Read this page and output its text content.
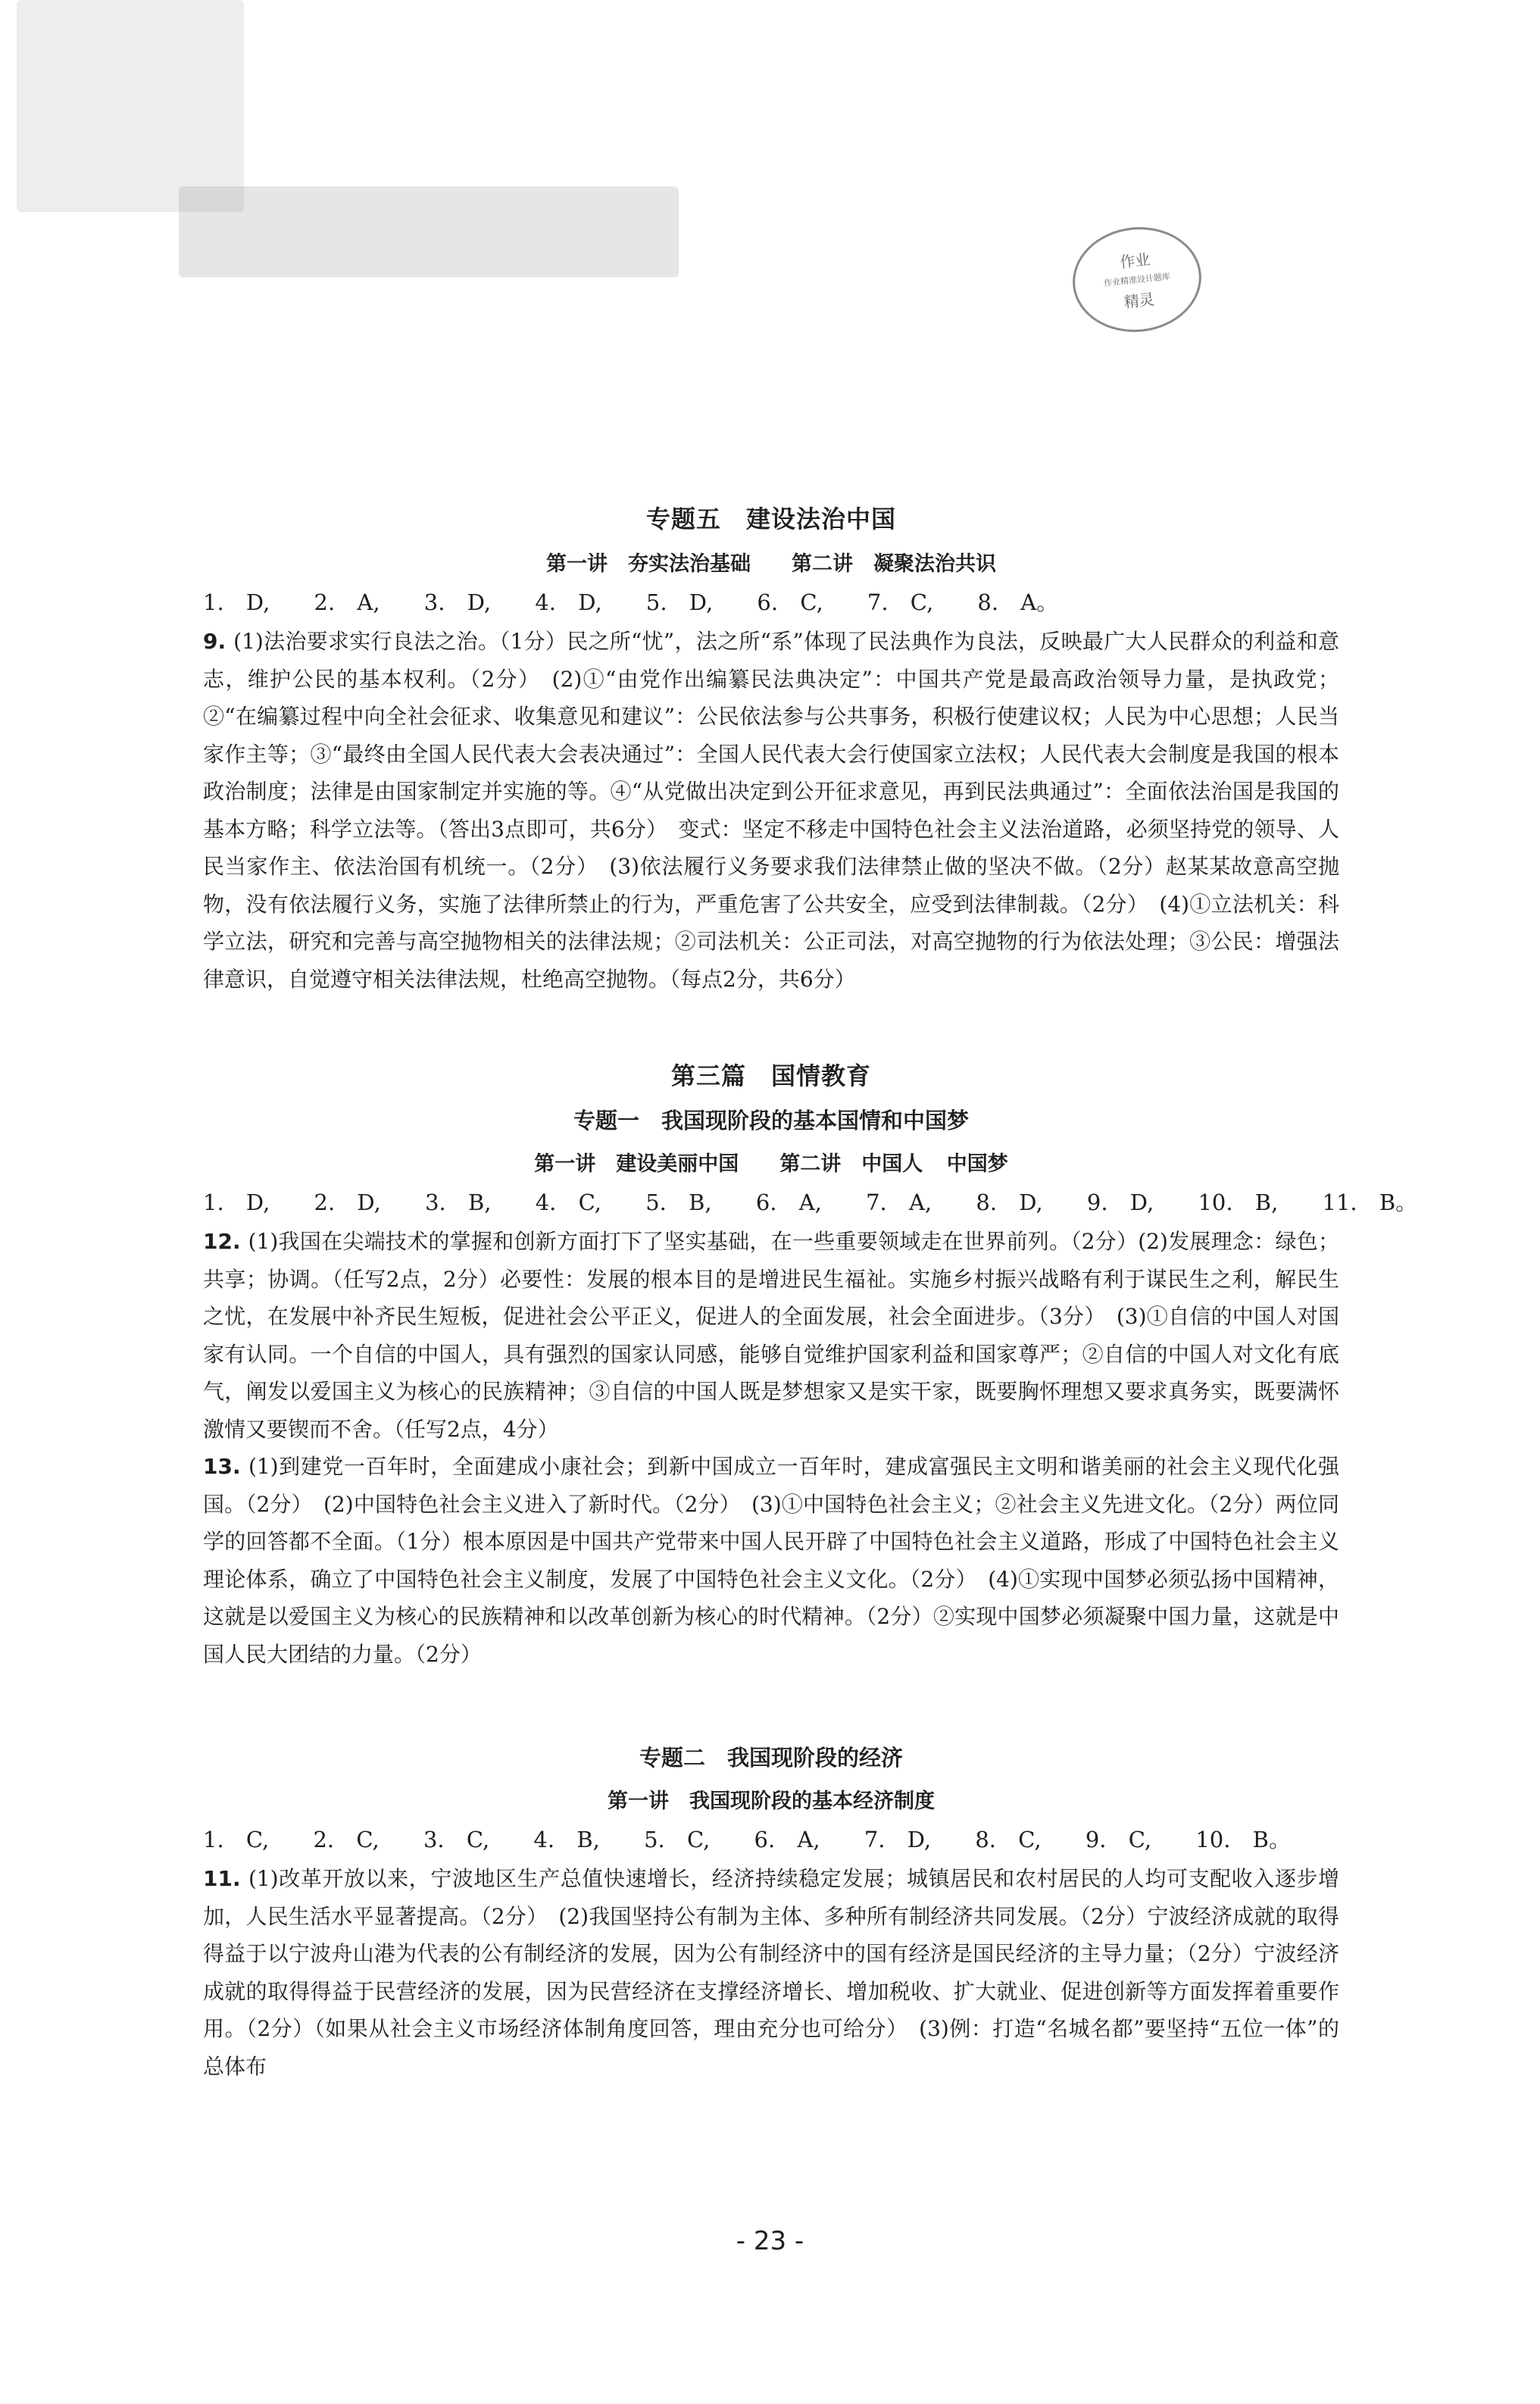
作业
作业精准设计题库
精灵
专题五　建设法治中国
第一讲　夯实法治基础　　第二讲　凝聚法治共识
1. D,　 2. A,　 3. D,　 4. D,　 5. D,　 6. C,　 7. C,　 8. A。

9. (1)法治要求实行良法之治。（1分）民之所“忧”，法之所“系”体现了民法典作为良法，反映最广大人民群众的利益和意志，维护公民的基本权利。（2分）　(2)①“由党作出编纂民法典决定”：中国共产党是最高政治领导力量，是执政党；②“在编纂过程中向全社会征求、收集意见和建议”：公民依法参与公共事务，积极行使建议权；人民为中心思想；人民当家作主等；③“最终由全国人民代表大会表决通过”：全国人民代表大会行使国家立法权；人民代表大会制度是我国的根本政治制度；法律是由国家制定并实施的等。④“从党做出决定到公开征求意见，再到民法典通过”：全面依法治国是我国的基本方略；科学立法等。（答出3点即可，共6分）　变式：坚定不移走中国特色社会主义法治道路，必须坚持党的领导、人民当家作主、依法治国有机统一。（2分）　(3)依法履行义务要求我们法律禁止做的坚决不做。（2分）赵某某故意高空抛物，没有依法履行义务，实施了法律所禁止的行为，严重危害了公共安全，应受到法律制裁。（2分）　(4)①立法机关：科学立法，研究和完善与高空抛物相关的法律法规；②司法机关：公正司法，对高空抛物的行为依法处理；③公民：增强法律意识，自觉遵守相关法律法规，杜绝高空抛物。（每点2分，共6分）

第三篇　国情教育
专题一　我国现阶段的基本国情和中国梦
第一讲　建设美丽中国　　第二讲　中国人 中国梦
1. D,　 2. D,　 3. B,　 4. C,　 5. B,　 6. A,　 7. A,　 8. D,　 9. D,　 10. B,　 11. B。

12. (1)我国在尖端技术的掌握和创新方面打下了坚实基础，在一些重要领域走在世界前列。（2分）(2)发展理念：绿色；共享；协调。（任写2点，2分）必要性：发展的根本目的是增进民生福祉。实施乡村振兴战略有利于谋民生之利，解民生之忧，在发展中补齐民生短板，促进社会公平正义，促进人的全面发展，社会全面进步。（3分）　(3)①自信的中国人对国家有认同。一个自信的中国人，具有强烈的国家认同感，能够自觉维护国家利益和国家尊严；②自信的中国人对文化有底气，阐发以爱国主义为核心的民族精神；③自信的中国人既是梦想家又是实干家，既要胸怀理想又要求真务实，既要满怀激情又要锲而不舍。（任写2点，4分）

13. (1)到建党一百年时，全面建成小康社会；到新中国成立一百年时，建成富强民主文明和谐美丽的社会主义现代化强国。（2分）　(2)中国特色社会主义进入了新时代。（2分）　(3)①中国特色社会主义；②社会主义先进文化。（2分）两位同学的回答都不全面。（1分）根本原因是中国共产党带来中国人民开辟了中国特色社会主义道路，形成了中国特色社会主义理论体系，确立了中国特色社会主义制度，发展了中国特色社会主义文化。（2分）　(4)①实现中国梦必须弘扬中国精神，这就是以爱国主义为核心的民族精神和以改革创新为核心的时代精神。（2分）②实现中国梦必须凝聚中国力量，这就是中国人民大团结的力量。（2分）

专题二　我国现阶段的经济
第一讲　我国现阶段的基本经济制度
1. C,　 2. C,　 3. C,　 4. B,　 5. C,　 6. A,　 7. D,　 8. C,　 9. C,　 10. B。

11. (1)改革开放以来，宁波地区生产总值快速增长，经济持续稳定发展；城镇居民和农村居民的人均可支配收入逐步增加，人民生活水平显著提高。（2分）　(2)我国坚持公有制为主体、多种所有制经济共同发展。（2分）宁波经济成就的取得得益于以宁波舟山港为代表的公有制经济的发展，因为公有制经济中的国有经济是国民经济的主导力量；（2分）宁波经济成就的取得得益于民营经济的发展，因为民营经济在支撑经济增长、增加税收、扩大就业、促进创新等方面发挥着重要作用。（2分）（如果从社会主义市场经济体制角度回答，理由充分也可给分）　(3)例：打造“名城名都”要坚持“五位一体”的总体布

- 23 -
